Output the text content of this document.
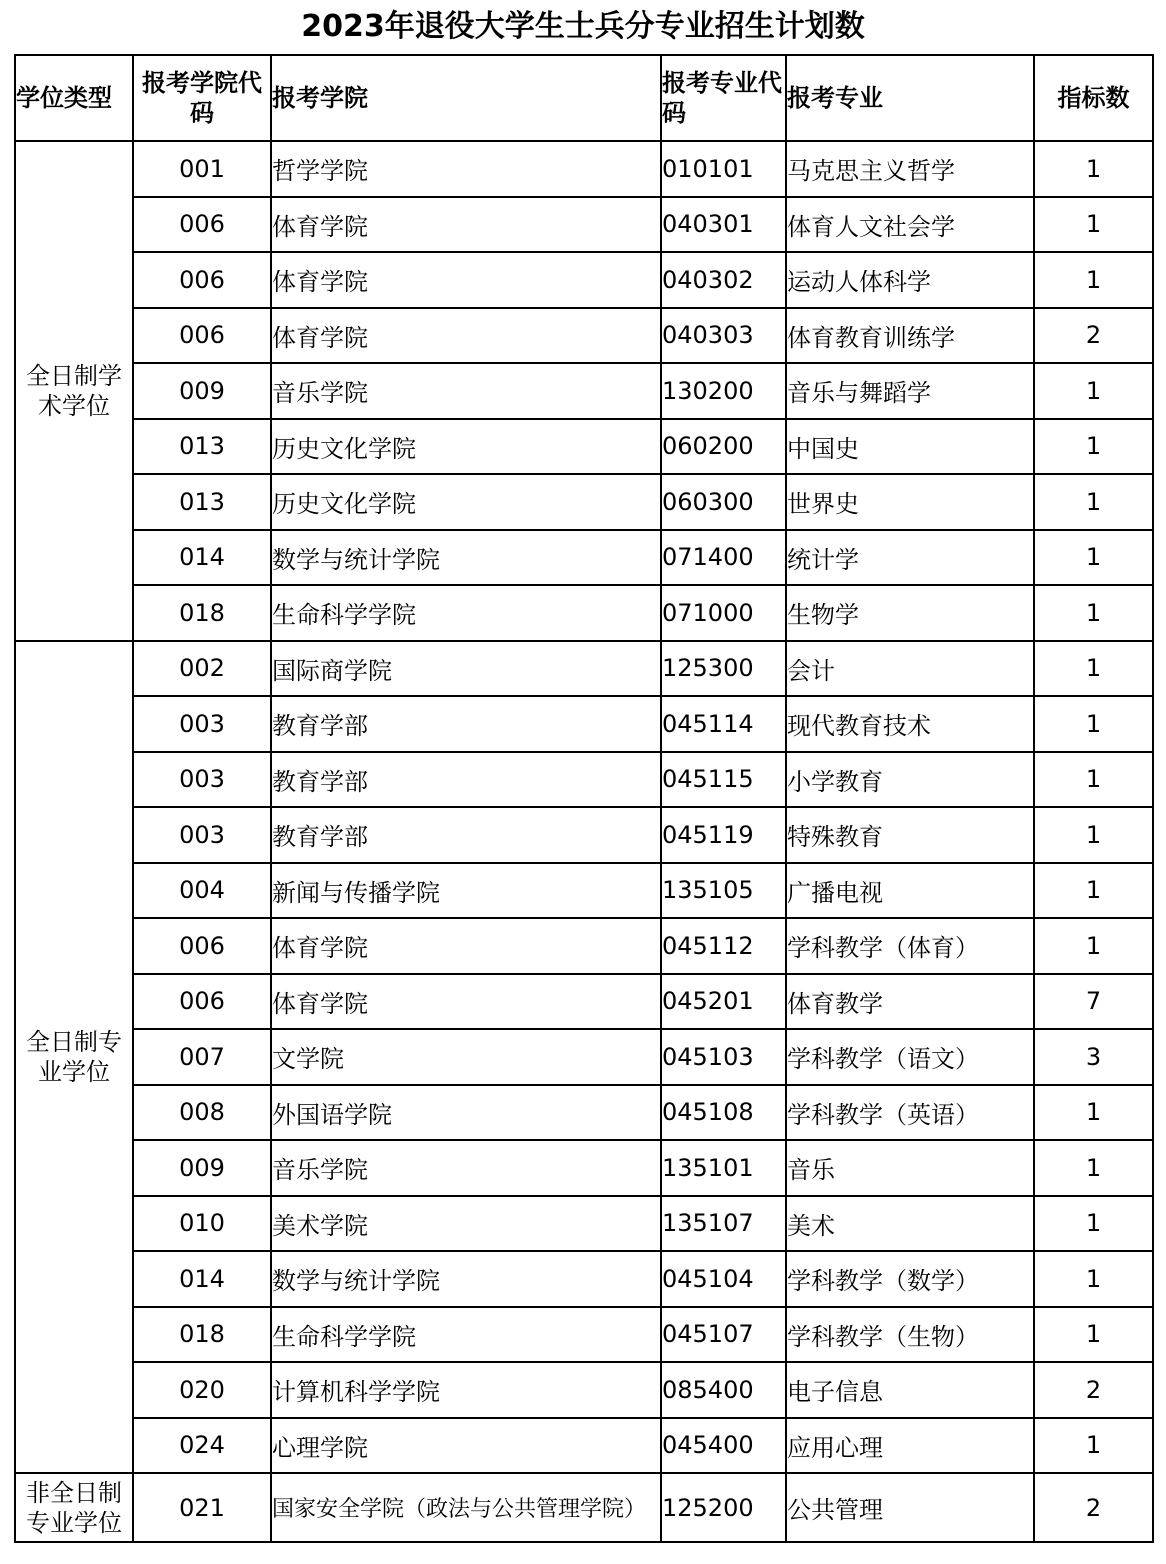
2023年退役大学生士兵分专业招生计划数
学位类型	报考学院代码	报考学院	报考专业代码	报考专业	指标数
全日制学术学位	001	哲学学院	010101	马克思主义哲学	1
	006	体育学院	040301	体育人文社会学	1
	006	体育学院	040302	运动人体科学	1
	006	体育学院	040303	体育教育训练学	2
	009	音乐学院	130200	音乐与舞蹈学	1
	013	历史文化学院	060200	中国史	1
	013	历史文化学院	060300	世界史	1
	014	数学与统计学院	071400	统计学	1
	018	生命科学学院	071000	生物学	1
全日制专业学位	002	国际商学院	125300	会计	1
	003	教育学部	045114	现代教育技术	1
	003	教育学部	045115	小学教育	1
	003	教育学部	045119	特殊教育	1
	004	新闻与传播学院	135105	广播电视	1
	006	体育学院	045112	学科教学（体育）	1
	006	体育学院	045201	体育教学	7
	007	文学院	045103	学科教学（语文）	3
	008	外国语学院	045108	学科教学（英语）	1
	009	音乐学院	135101	音乐	1
	010	美术学院	135107	美术	1
	014	数学与统计学院	045104	学科教学（数学）	1
	018	生命科学学院	045107	学科教学（生物）	1
	020	计算机科学学院	085400	电子信息	2
	024	心理学院	045400	应用心理	1
非全日制专业学位	021	国家安全学院（政法与公共管理学院）	125200	公共管理	2
